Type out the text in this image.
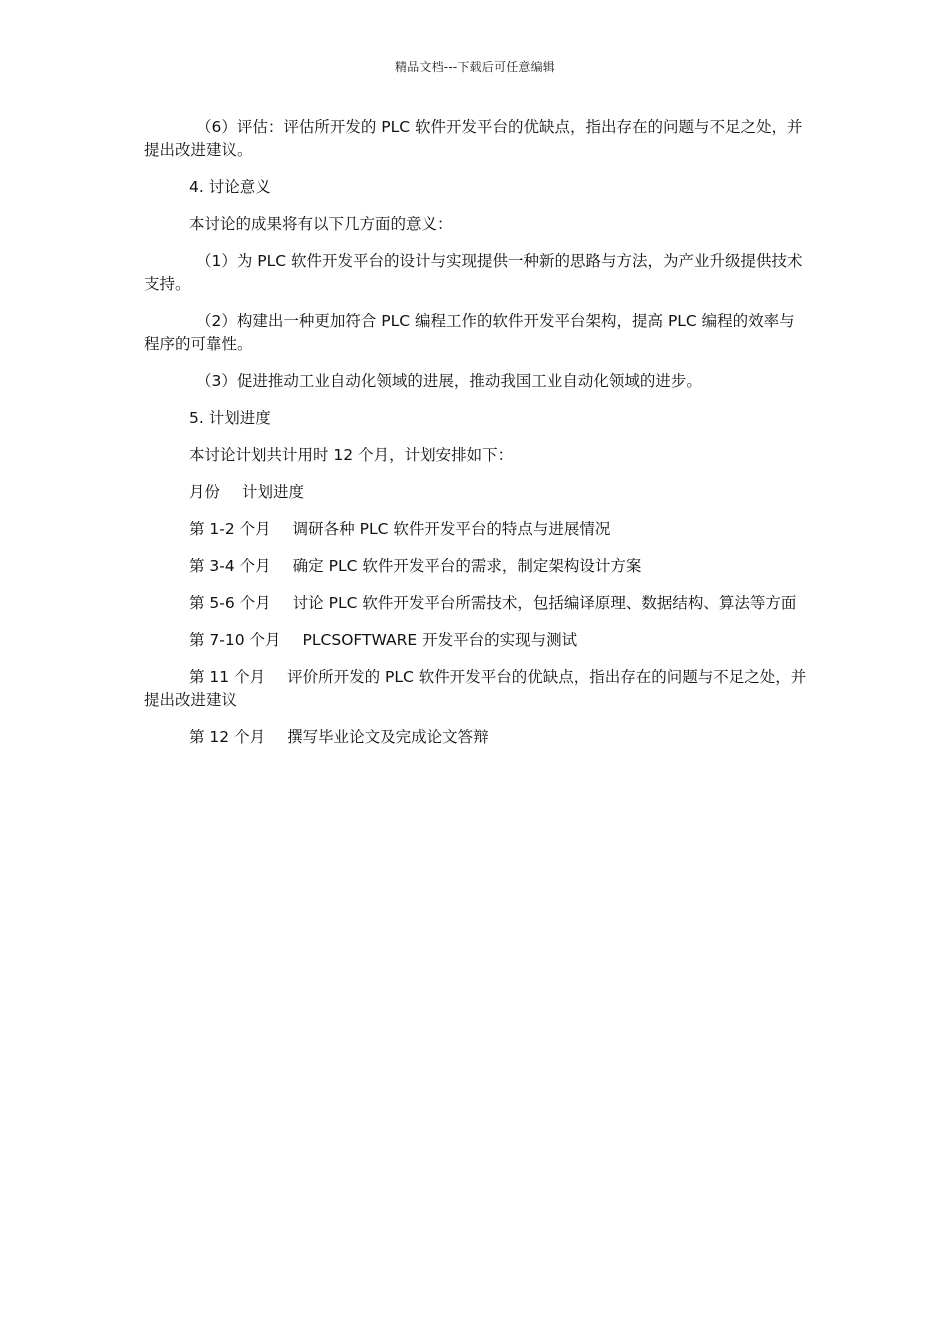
精品文档---下载后可任意编辑

（6）评估：评估所开发的 PLC 软件开发平台的优缺点，指出存在的问题与不足之处，并提出改进建议。

4. 讨论意义

本讨论的成果将有以下几方面的意义：

（1）为 PLC 软件开发平台的设计与实现提供一种新的思路与方法，为产业升级提供技术支持。

（2）构建出一种更加符合 PLC 编程工作的软件开发平台架构，提高 PLC 编程的效率与程序的可靠性。

（3）促进推动工业自动化领域的进展，推动我国工业自动化领域的进步。

5. 计划进度

本讨论计划共计用时 12 个月，计划安排如下：

月份 计划进度

第 1-2 个月 调研各种 PLC 软件开发平台的特点与进展情况

第 3-4 个月 确定 PLC 软件开发平台的需求，制定架构设计方案

第 5-6 个月 讨论 PLC 软件开发平台所需技术，包括编译原理、数据结构、算法等方面

第 7-10 个月 PLCSOFTWARE 开发平台的实现与测试

第 11 个月 评价所开发的 PLC 软件开发平台的优缺点，指出存在的问题与不足之处，并提出改进建议

第 12 个月 撰写毕业论文及完成论文答辩
